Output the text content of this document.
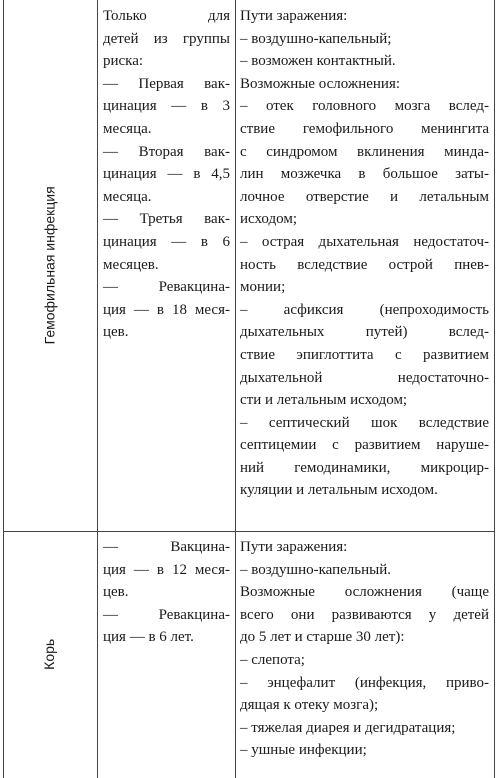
Гемофильная инфекция
Только для
детей из группы
риска:
— Первая вак-
цинация — в 3
месяца.
— Вторая вак-
цинация — в 4,5
месяца.
— Третья вак-
цинация — в 6
месяцев.
— Ревакцина-
ция — в 18 меся-
цев.
Пути заражения:
– воздушно-капельный;
– возможен контактный.
Возможные осложнения:
– отек головного мозга вслед-
ствие гемофильного менингита
с синдромом вклинения минда-
лин мозжечка в большое заты-
лочное отверстие и летальным
исходом;
– острая дыхательная недостаточ-
ность вследствие острой пнев-
монии;
– асфиксия (непроходимость
дыхательных путей) вслед-
ствие эпиглоттита с развитием
дыхательной недостаточно-
сти и летальным исходом;
– септический шок вследствие
септицемии с развитием наруше-
ний гемодинамики, микроцир-
куляции и летальным исходом.
Корь
— Вакцина-
ция — в 12 меся-
цев.
— Ревакцина-
ция — в 6 лет.
Пути заражения:
– воздушно-капельный.
Возможные осложнения (чаще
всего они развиваются у детей
до 5 лет и старше 30 лет):
– слепота;
– энцефалит (инфекция, приво-
дящая к отеку мозга);
– тяжелая диарея и дегидратация;
– ушные инфекции;
